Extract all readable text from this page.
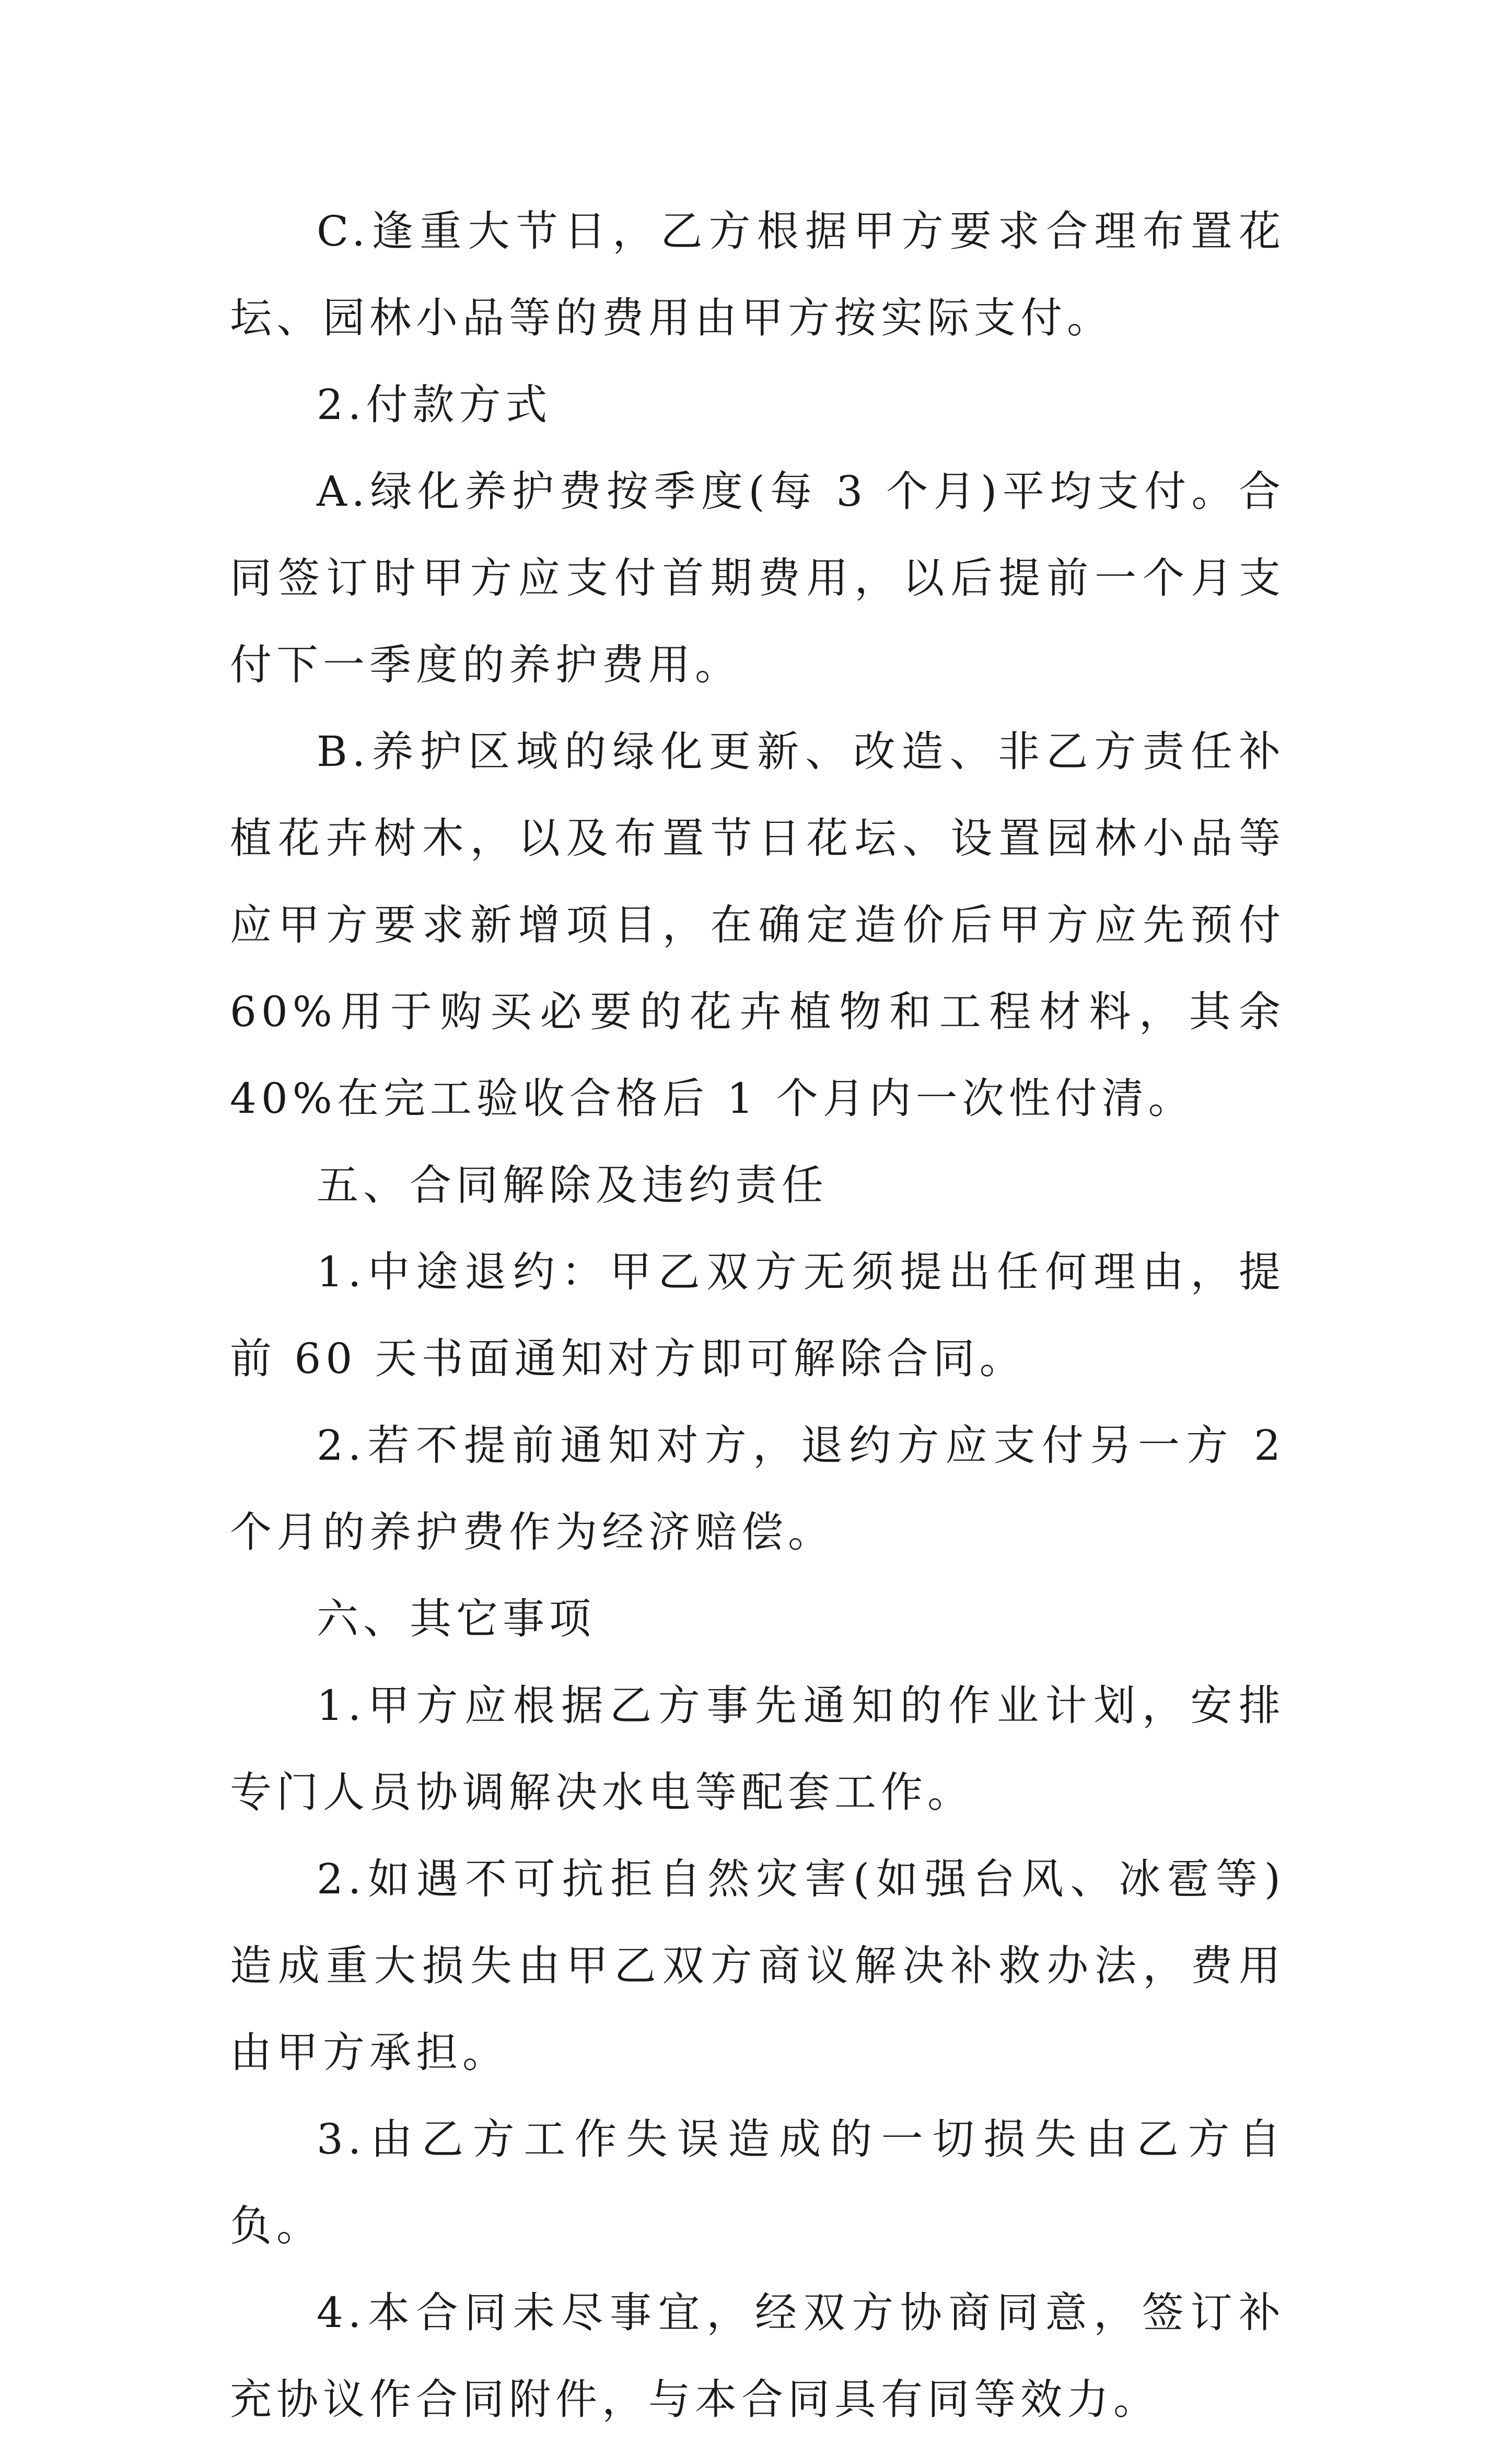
C.逢重大节日，乙方根据甲方要求合理布置花坛、园林小品等的费用由甲方按实际支付。

2.付款方式

A.绿化养护费按季度(每 3 个月)平均支付。合同签订时甲方应支付首期费用，以后提前一个月支付下一季度的养护费用。

B.养护区域的绿化更新、改造、非乙方责任补植花卉树木，以及布置节日花坛、设置园林小品等应甲方要求新增项目，在确定造价后甲方应先预付 60%用于购买必要的花卉植物和工程材料，其余 40%在完工验收合格后 1 个月内一次性付清。

五、合同解除及违约责任

1.中途退约：甲乙双方无须提出任何理由，提前 60 天书面通知对方即可解除合同。

2.若不提前通知对方，退约方应支付另一方 2 个月的养护费作为经济赔偿。

六、其它事项

1.甲方应根据乙方事先通知的作业计划，安排专门人员协调解决水电等配套工作。

2.如遇不可抗拒自然灾害(如强台风、冰雹等)造成重大损失由甲乙双方商议解决补救办法，费用由甲方承担。

3.由乙方工作失误造成的一切损失由乙方自负。

4.本合同未尽事宜，经双方协商同意，签订补充协议作合同附件，与本合同具有同等效力。
